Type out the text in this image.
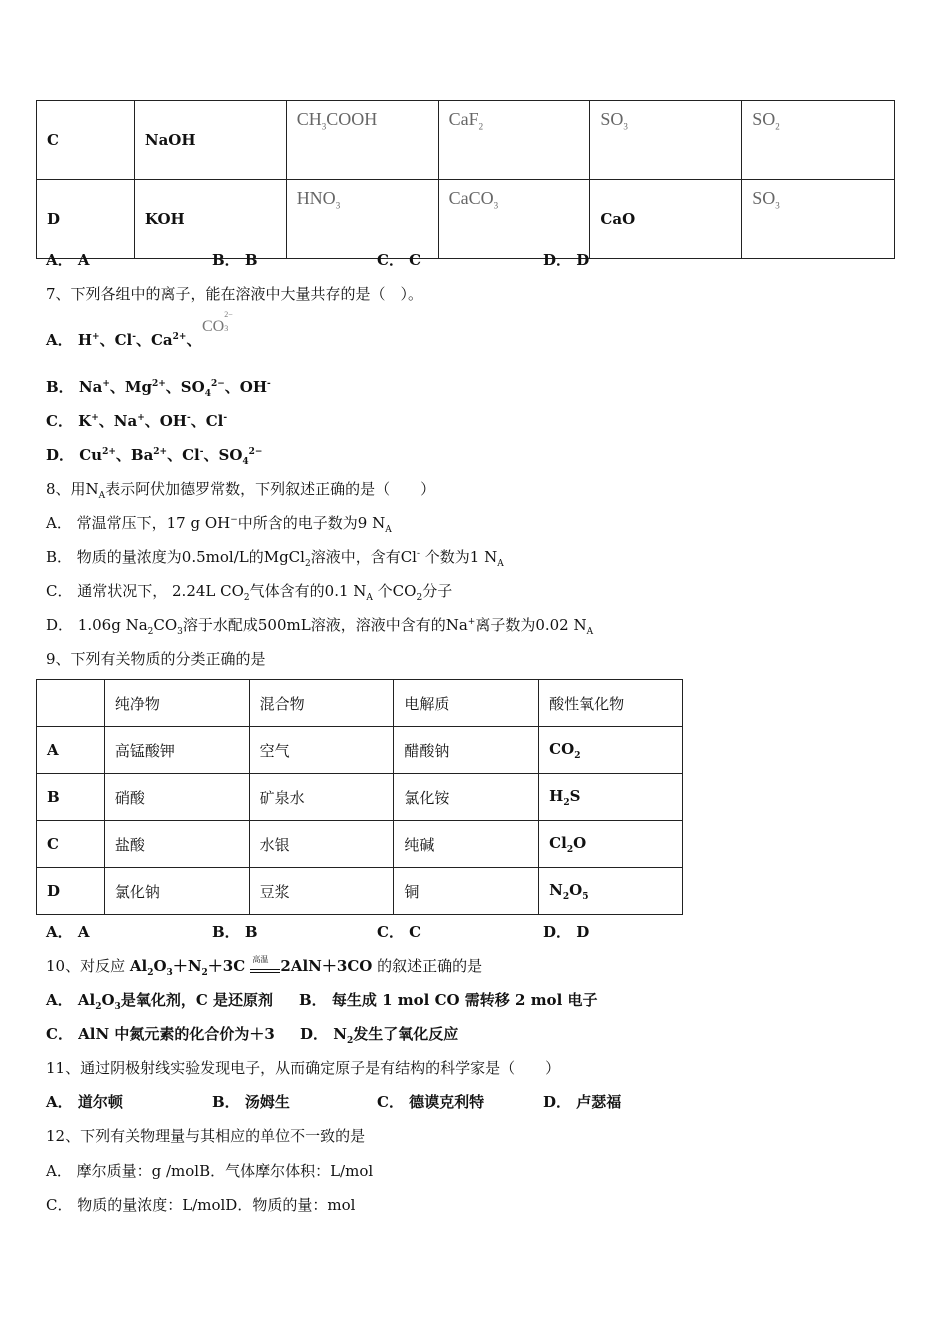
C	NaOH	$CH_3COOH$	CaF$_2$	$SO_3$	$SO_2$
D	KOH	$HNO_3$	CaCO$_3$	CaO	$SO_3$
A． A	B． B	C． C	D． D
7、下列各组中的离子，能在溶液中大量共存的是（　）。
A． H+、Cl-、$Ca^{2+}$、
CO
2−
3
B． Na+、$Mg^{2+}$、$SO_4^{2-}$、OH-
C． K+、Na+、OH-、Cl-
D． $Cu^{2+}$、$Ba^{2+}$、Cl-、$SO_4^{2-}$
8、用$N_A$表示阿伏加德罗常数，下列叙述正确的是（　　）
A． 常温常压下，17 g OH−中所含的电子数为9 $N_A$
B． 物质的量浓度为0.5mol/L的MgCl$_2$溶液中，含有Cl- 个数为1 $N_A$
C． 通常状况下， 2.24L $CO_2$气体含有的0.1 $N_A$ 个$CO_2$分子
D． 1.06g $Na_2CO_3$溶于水配成500mL溶液，溶液中含有的Na+离子数为0.02 $N_A$
9、下列有关物质的分类正确的是
	纯净物	混合物	电解质	酸性氧化物
A	高锰酸钾	空气	醋酸钠	$CO_2$
B	硝酸	矿泉水	氯化铵	$H_2S$
C	盐酸	水银	纯碱	$Cl_2O$
D	氯化钠	豆浆	铜	$N_2O_5$
A． A	B． B	C． C	D． D
10、对反应 $Al_2O_3+N_2+3C$ 高温 2AlN＋3CO 的叙述正确的是
A． $Al_2O_3$是氧化剂，C 是还原剂 B． 每生成 1 mol CO 需转移 2 mol 电子
C． AlN 中氮元素的化合价为＋3 D． $N_2$发生了氧化反应
11、通过阴极射线实验发现电子，从而确定原子是有结构的科学家是（　　）
A． 道尔顿	B． 汤姆生	C． 德谟克利特	D． 卢瑟福
12、下列有关物理量与其相应的单位不一致的是
A． 摩尔质量：g /molB．气体摩尔体积：L/mol
C． 物质的量浓度：L/molD．物质的量：mol
